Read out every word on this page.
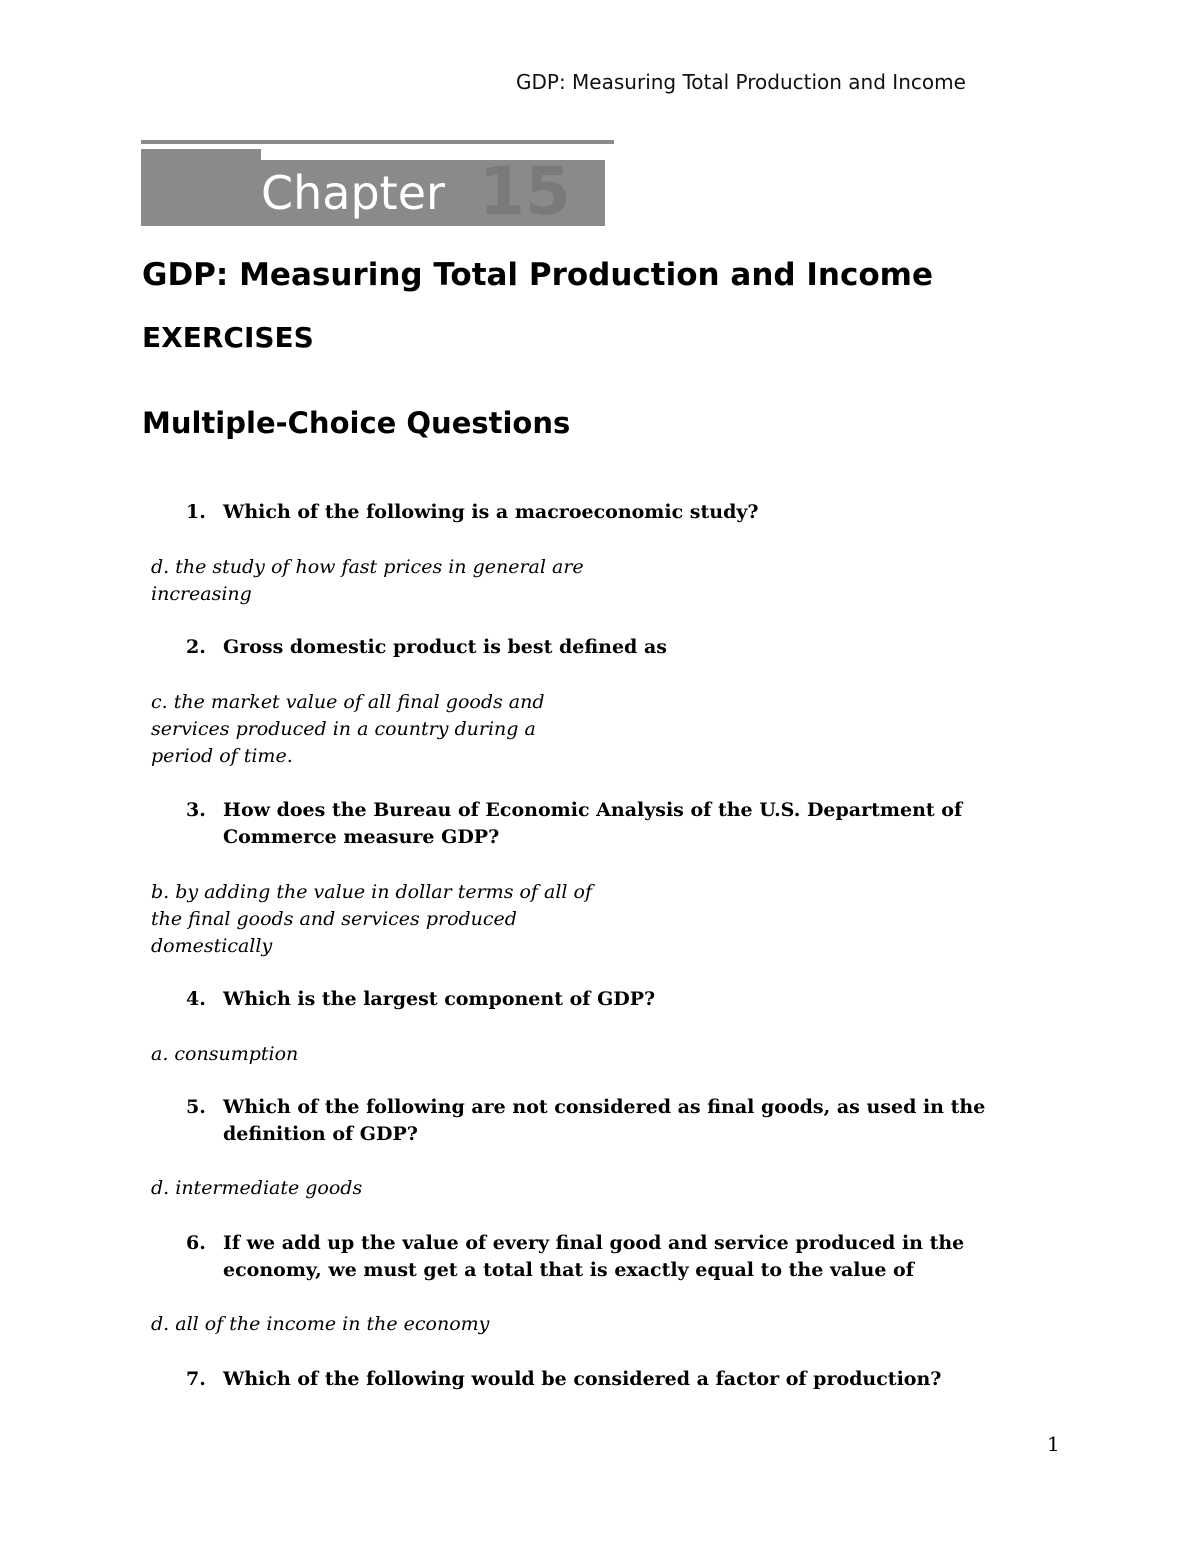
GDP: Measuring Total Production and Income
Chapter 15
GDP: Measuring Total Production and Income
EXERCISES
Multiple-Choice Questions
1. Which of the following is a macroeconomic study?
d. the study of how fast prices in general are
increasing
2. Gross domestic product is best defined as
c. the market value of all final goods and
services produced in a country during a
period of time.
3. How does the Bureau of Economic Analysis of the U.S. Department of Commerce measure GDP?
b. by adding the value in dollar terms of all of
the final goods and services produced
domestically
4. Which is the largest component of GDP?
a. consumption
5. Which of the following are not considered as final goods, as used in the definition of GDP?
d. intermediate goods
6. If we add up the value of every final good and service produced in the economy, we must get a total that is exactly equal to the value of
d. all of the income in the economy
7. Which of the following would be considered a factor of production?
1
